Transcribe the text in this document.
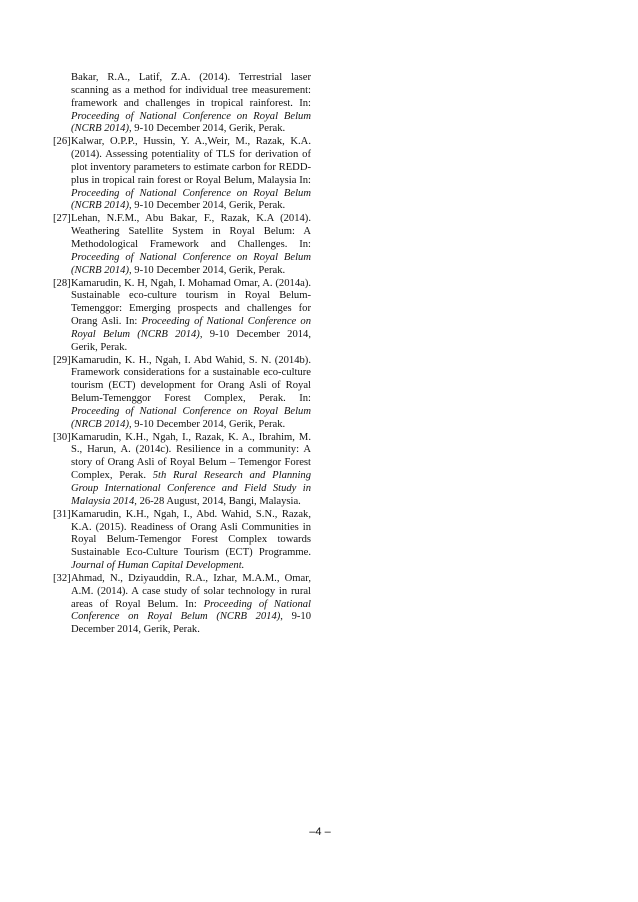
Bakar, R.A., Latif, Z.A. (2014). Terrestrial laser scanning as a method for individual tree measurement: framework and challenges in tropical rainforest. In: Proceeding of National Conference on Royal Belum (NCRB 2014), 9-10 December 2014, Gerik, Perak.
[26] Kalwar, O.P.P., Hussin, Y. A.,Weir, M., Razak, K.A. (2014). Assessing potentiality of TLS for derivation of plot inventory parameters to estimate carbon for REDD-plus in tropical rain forest or Royal Belum, Malaysia In: Proceeding of National Conference on Royal Belum (NCRB 2014), 9-10 December 2014, Gerik, Perak.
[27] Lehan, N.F.M., Abu Bakar, F., Razak, K.A (2014). Weathering Satellite System in Royal Belum: A Methodological Framework and Challenges. In: Proceeding of National Conference on Royal Belum (NCRB 2014), 9-10 December 2014, Gerik, Perak.
[28] Kamarudin, K. H, Ngah, I. Mohamad Omar, A. (2014a). Sustainable eco-culture tourism in Royal Belum-Temenggor: Emerging prospects and challenges for Orang Asli. In: Proceeding of National Conference on Royal Belum (NCRB 2014), 9-10 December 2014, Gerik, Perak.
[29] Kamarudin, K. H., Ngah, I. Abd Wahid, S. N. (2014b). Framework considerations for a sustainable eco-culture tourism (ECT) development for Orang Asli of Royal Belum-Temenggor Forest Complex, Perak. In: Proceeding of National Conference on Royal Belum (NRCB 2014), 9-10 December 2014, Gerik, Perak.
[30] Kamarudin, K.H., Ngah, I., Razak, K. A., Ibrahim, M. S., Harun, A. (2014c). Resilience in a community: A story of Orang Asli of Royal Belum – Temengor Forest Complex, Perak. 5th Rural Research and Planning Group International Conference and Field Study in Malaysia 2014, 26-28 August, 2014, Bangi, Malaysia.
[31] Kamarudin, K.H., Ngah, I., Abd. Wahid, S.N., Razak, K.A. (2015). Readiness of Orang Asli Communities in Royal Belum-Temengor Forest Complex towards Sustainable Eco-Culture Tourism (ECT) Programme. Journal of Human Capital Development.
[32] Ahmad, N., Dziyauddin, R.A., Izhar, M.A.M., Omar, A.M. (2014). A case study of solar technology in rural areas of Royal Belum. In: Proceeding of National Conference on Royal Belum (NCRB 2014), 9-10 December 2014, Gerik, Perak.
–4 –
